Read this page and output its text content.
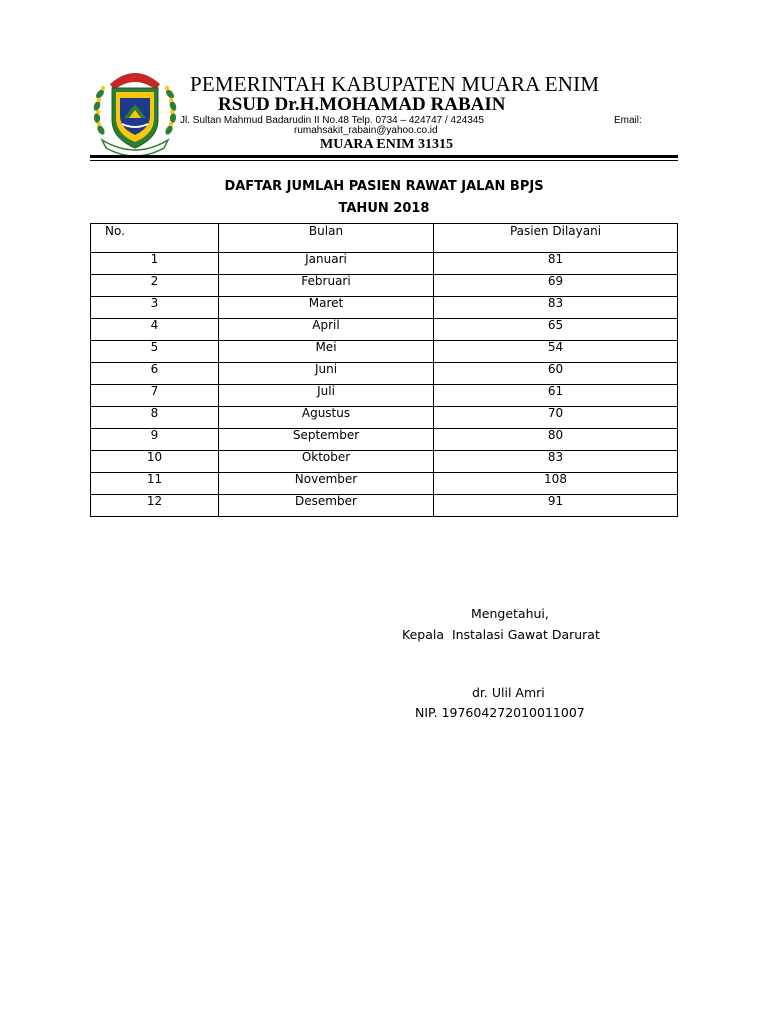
PEMERINTAH KABUPATEN MUARA ENIM
RSUD Dr.H.MOHAMAD RABAIN
Jl. Sultan Mahmud Badarudin II No.48 Telp. 0734 – 424747 / 424345	Email:
rumahsakit_rabain@yahoo.co.id
MUARA ENIM 31315
DAFTAR JUMLAH PASIEN RAWAT JALAN BPJS
TAHUN 2018
No.	Bulan	Pasien Dilayani
1	Januari	81
2	Februari	69
3	Maret	83
4	April	65
5	Mei	54
6	Juni	60
7	Juli	61
8	Agustus	70
9	September	80
10	Oktober	83
11	November	108
12	Desember	91
Mengetahui,
Kepala  Instalasi Gawat Darurat
dr. Ulil Amri
NIP. 197604272010011007
